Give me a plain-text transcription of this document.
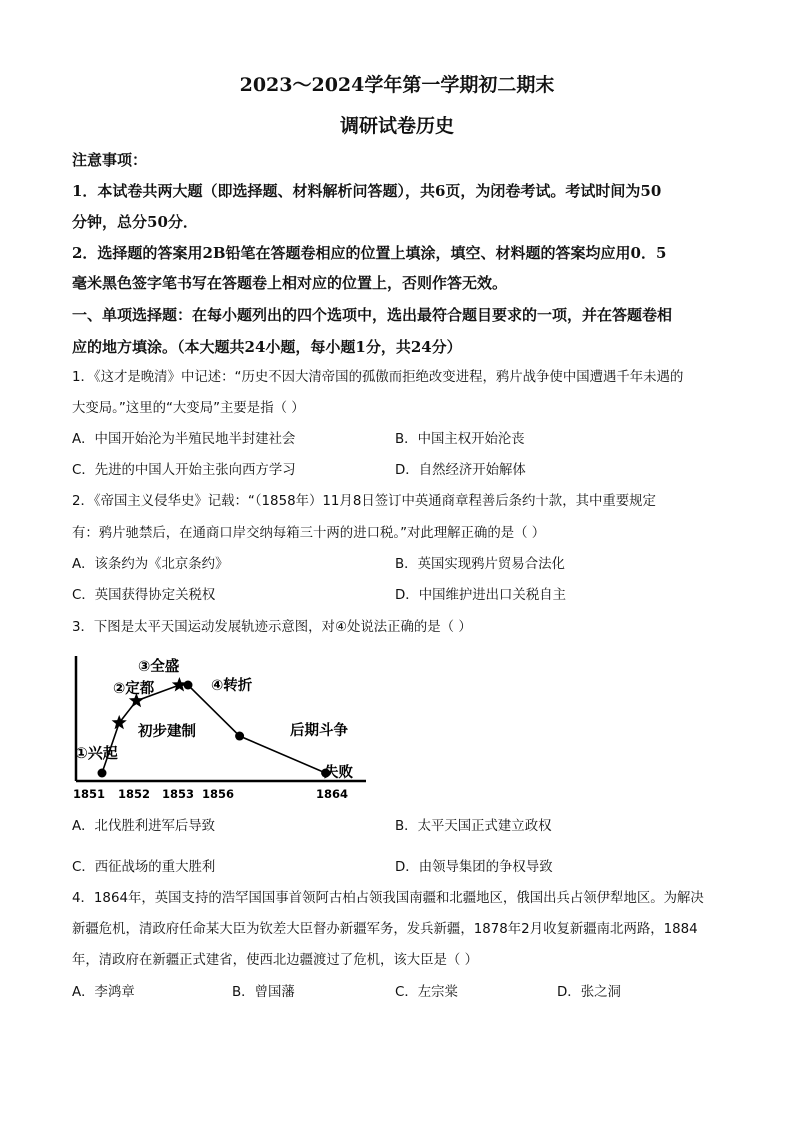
2023～2024学年第一学期初二期末
调研试卷历史
注意事项：
1．本试卷共两大题（即选择题、材料解析问答题），共6页，为闭卷考试。考试时间为50
分钟，总分50分．
2．选择题的答案用2B铅笔在答题卷相应的位置上填涂，填空、材料题的答案均应用0．5
毫米黑色签字笔书写在答题卷上相对应的位置上，否则作答无效。
一、单项选择题：在每小题列出的四个选项中，选出最符合题目要求的一项，并在答题卷相
应的地方填涂。（本大题共24小题，每小题1分，共24分）
1．《这才是晚清》中记述：“历史不因大清帝国的孤傲而拒绝改变进程，鸦片战争使中国遭遇千年未遇的
大变局。”这里的“大变局”主要是指（ ）
A．中国开始沦为半殖民地半封建社会	B．中国主权开始沦丧
C．先进的中国人开始主张向西方学习	D．自然经济开始解体
2．《帝国主义侵华史》记载：“（1858年）11月8日签订中英通商章程善后条约十款，其中重要规定
有：鸦片驰禁后，在通商口岸交纳每箱三十两的进口税。”对此理解正确的是（ ）
A．该条约为《北京条约》	B．英国实现鸦片贸易合法化
C．英国获得协定关税权	D．中国维护进出口关税自主
3．下图是太平天国运动发展轨迹示意图，对④处说法正确的是（ ）
1851 1852 1853 1856	1864
①兴起
初步建制
②定都
③全盛
④转折
后期斗争
失败
A．北伐胜利进军后导致	B．太平天国正式建立政权
C．西征战场的重大胜利	D．由领导集团的争权导致
4．1864年，英国支持的浩罕国国事首领阿古柏占领我国南疆和北疆地区，俄国出兵占领伊犁地区。为解决
新疆危机，清政府任命某大臣为钦差大臣督办新疆军务，发兵新疆，1878年2月收复新疆南北两路，1884
年，清政府在新疆正式建省，使西北边疆渡过了危机，该大臣是（ ）
A．李鸿章	B．曾国藩	C．左宗棠	D．张之洞
